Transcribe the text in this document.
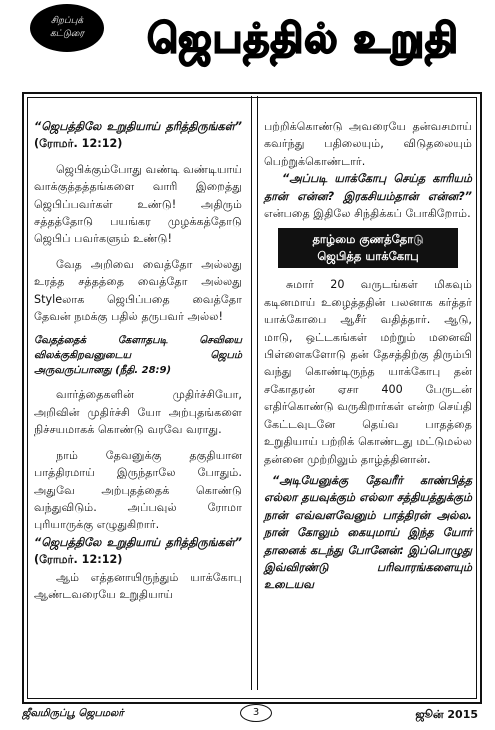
சிறப்புக்
கட்டுரை	ஜெபத்தில் உறுதி

“ஜெபத்திலே உறுதியாய் தரித்திருங்கள்” (ரோமர். 12:12)

ஜெபிக்கும்போது வண்டி வண்டியாய் வாக்குத்தத்தங்களை வாரி இறைத்து ஜெபிப்பவர்கள் உண்டு! அதிரும் சத்தத்தோடு பயங்கர முழக்கத்தோடு ஜெபிப் பவர்களும் உண்டு!

வேத அறிவை வைத்தோ அல்லது உரத்த சத்தத்தை வைத்தோ அல்லது Styleலாக ஜெபிப்பதை வைத்தோ தேவன் நமக்கு பதில் தருபவர் அல்ல!

வேதத்தைக் கேளாதபடி செவியை விலக்குகிறவனுடைய ஜெபம் அருவருப்பானது (நீதி. 28:9)

வார்த்தைகளின் முதிர்ச்சியோ, அறிவின் முதிர்ச்சி யோ அற்புதங்களை நிச்சயமாகக் கொண்டு வரவே வராது.

நாம் தேவனுக்கு தகுதியான பாத்திரமாய் இருந்தாலே போதும். அதுவே அற்புதத்தைக் கொண்டு வந்துவிடும். அப்பவுல் ரோமா புரியாருக்கு எழுதுகிறார்.

“ஜெபத்திலே உறுதியாய் தரித்திருங்கள்” (ரோமர். 12:12)

ஆம் எத்தனாயிருந்தும் யாக்கோபு ஆண்டவரையே உறுதியாய்

பற்றிக்கொண்டு அவரையே தன்வசமாய் கவர்ந்து பதிலையும், விடுதலையும் பெற்றுக்கொண்டார்.

“அப்படி யாக்கோபு செய்த காரியம் தான் என்ன? இரகசியம்தான் என்ன?” என்பதை இதிலே சிந்திக்கப் போகிறோம்.

தாழ்மை குணத்தோடு
ஜெபித்த யாக்கோபு

சுமார் 20 வருடங்கள் மிகவும் கடினமாய் உழைத்ததின் பலனாக கர்த்தர் யாக்கோபை ஆசீர் வதித்தார். ஆடு, மாடு, ஒட்டகங்கள் மற்றும் மனைவி பிள்ளைகளோடு தன் தேசத்திற்கு திரும்பி வந்து கொண்டிருந்த யாக்கோபு தன் சகோதரன் ஏசா 400 பேருடன் எதிர்கொண்டு வருகிறார்கள் என்ற செய்தி கேட்டவுடனே தெய்வ பாதத்தை உறுதியாய் பற்றிக் கொண்டது மட்டுமல்ல தன்னை முற்றிலும் தாழ்த்தினான்.

“அடியேனுக்கு தேவரீர் காண்பித்த எல்லா தயவுக்கும் எல்லா சத்தியத்துக்கும் நான் எவ்வளவேனும் பாத்திரன் அல்ல. நான் கோலும் கையுமாய் இந்த யோர் தானைக் கடந்து போனேன்: இப்பொழுது இவ்விரண்டு பரிவாரங்களையும் உடையவ

ஜீவமிருப்பூ ஜெபமலர்	3	ஜூன் 2015
